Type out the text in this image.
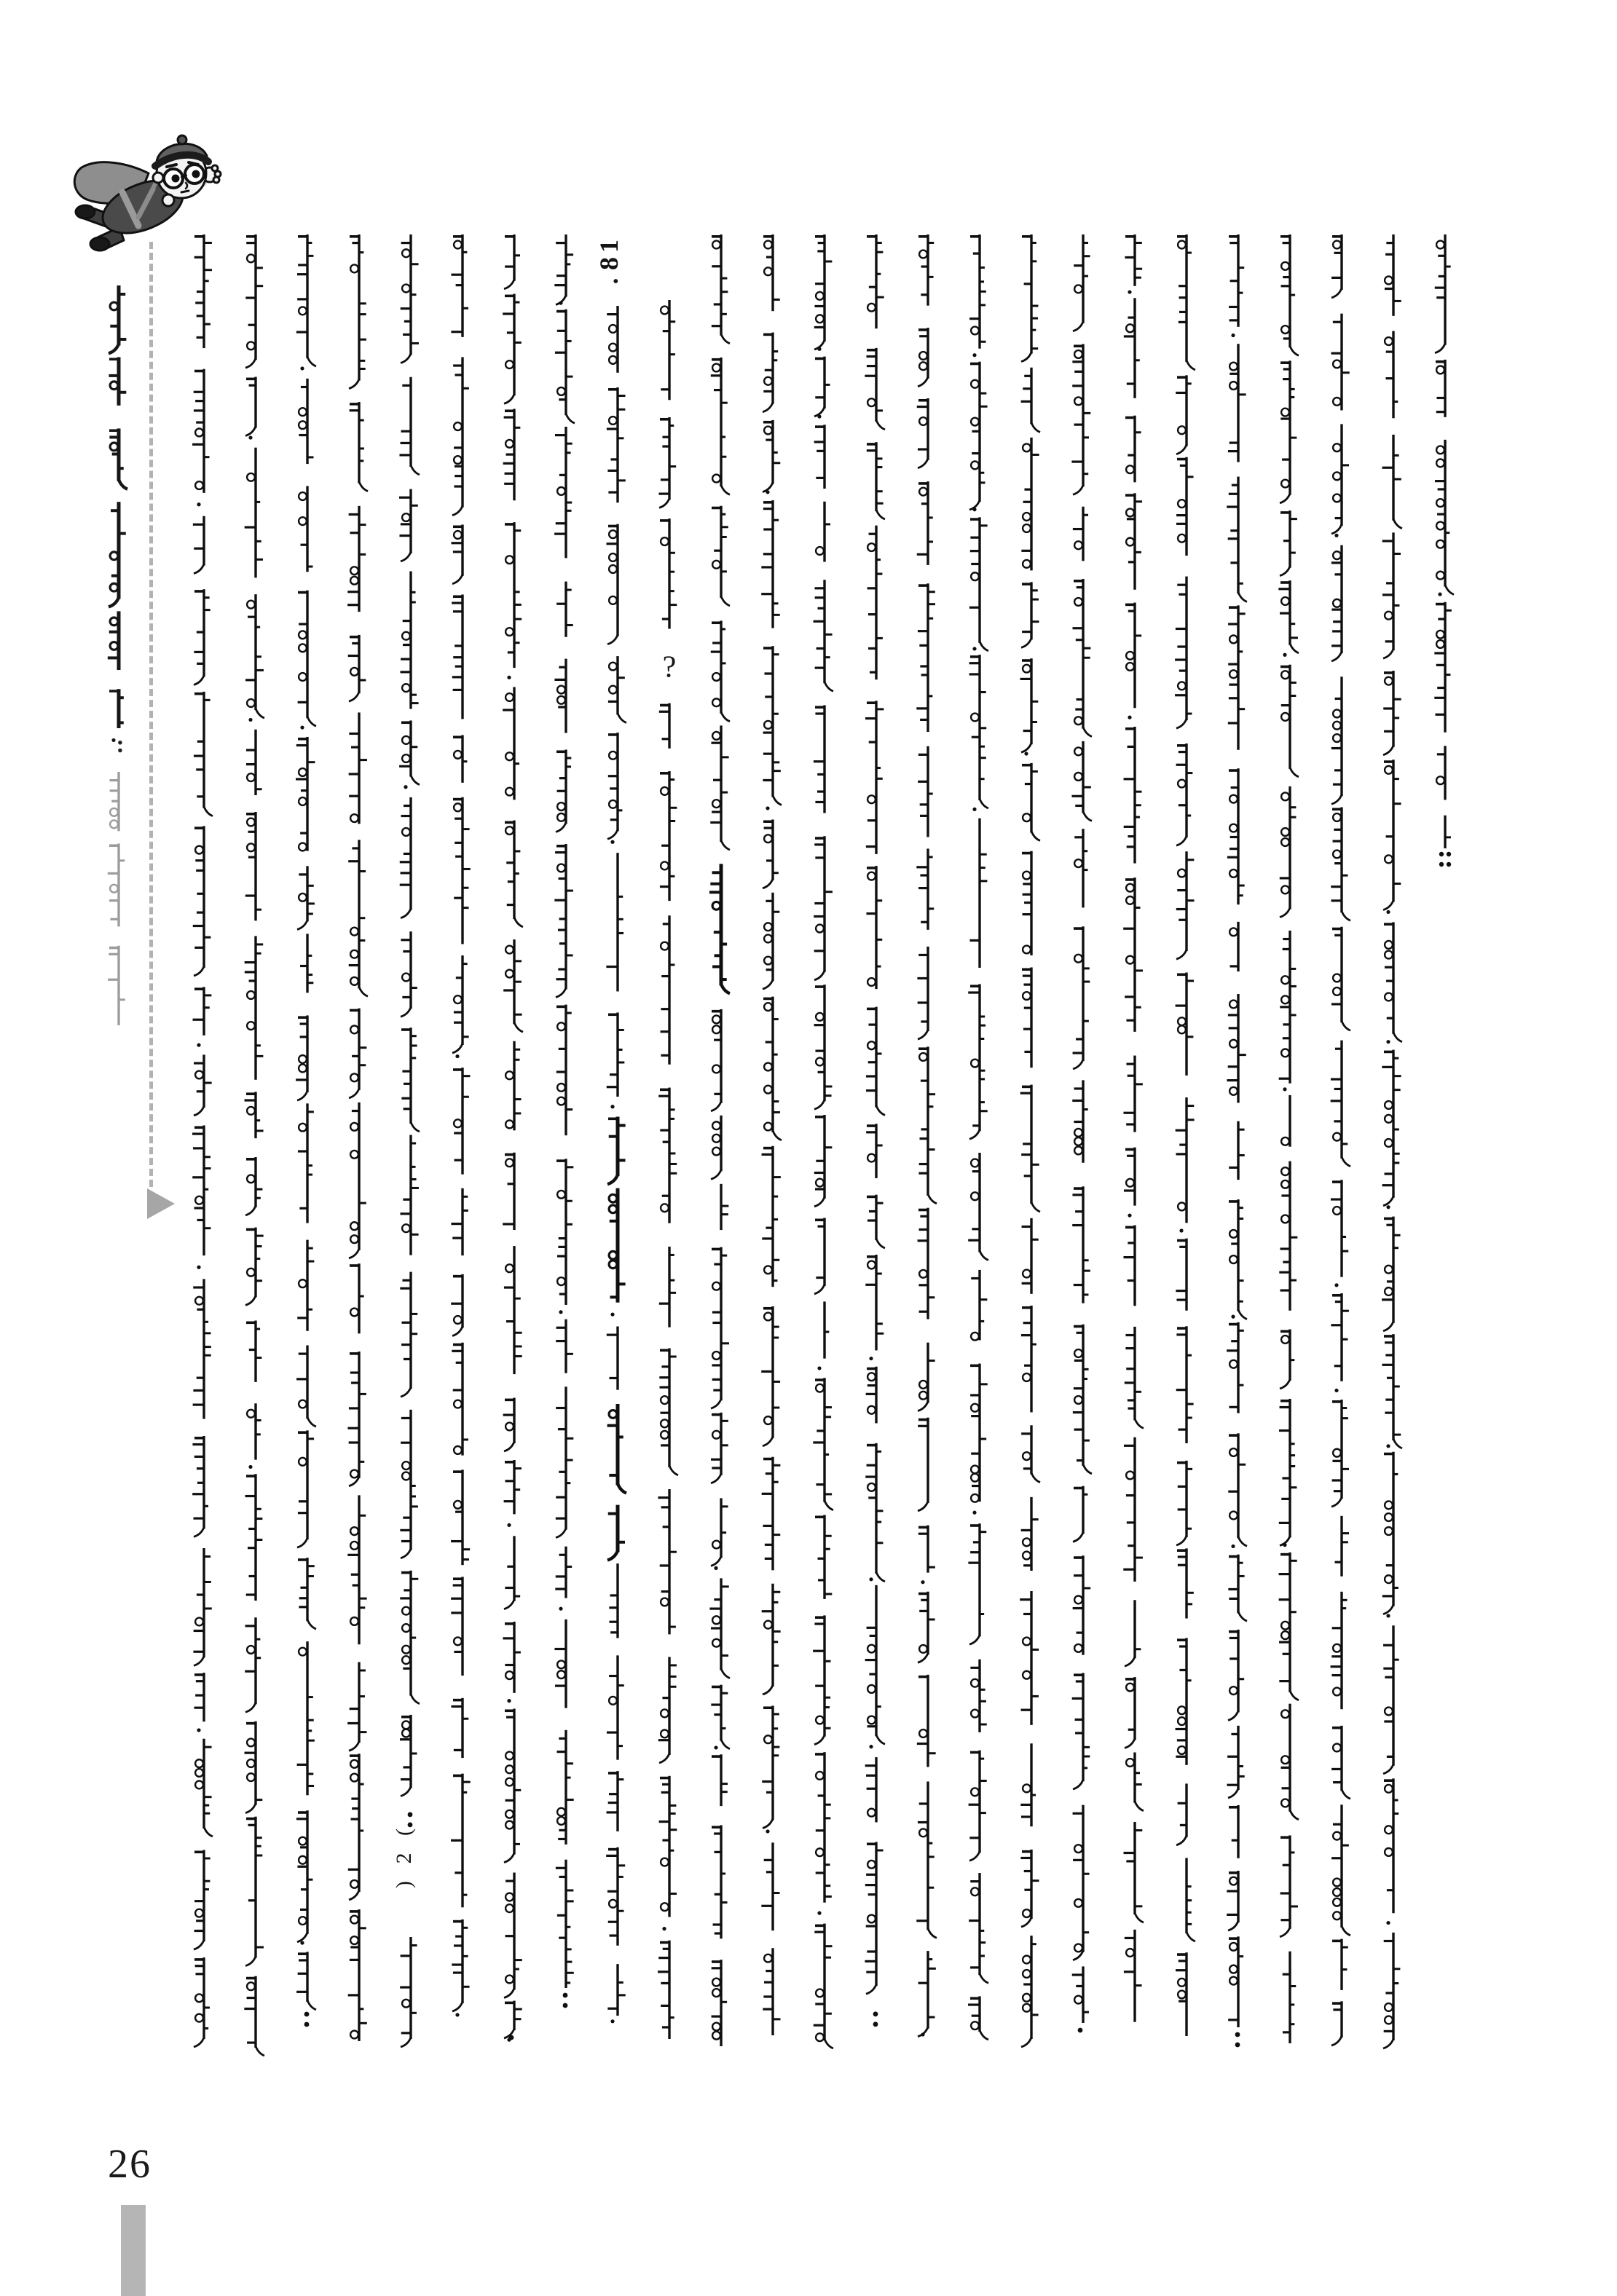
:
(
2
)
1
8
.
?
26
